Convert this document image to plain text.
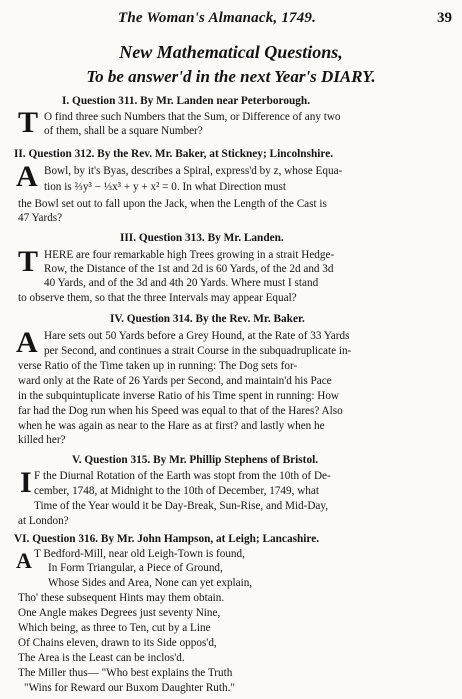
The Woman's Almanack, 1749.	39
New Mathematical Questions,
To be answer'd in the next Year's DIARY.
I. Question 311. By Mr. Landen near Peterborough.
T O find three such Numbers that the Sum, or Difference of any two
of them, shall be a square Number?
II. Question 312. By the Rev. Mr. Baker, at Stickney; Lincolnshire.
A Bowl, by it's Byas, describes a Spiral, express'd by z, whose Equa-
tion is ⅔y³ − ⅓x³ + y + x² = 0. In what Direction must
the Bowl set out to fall upon the Jack, when the Length of the Cast is
47 Yards?
III. Question 313. By Mr. Landen.
T HERE are four remarkable high Trees growing in a strait Hedge-
Row, the Distance of the 1st and 2d is 60 Yards, of the 2d and 3d
40 Yards, and of the 3d and 4th 20 Yards. Where must I stand
to observe them, so that the three Intervals may appear Equal?
IV. Question 314. By the Rev. Mr. Baker.
A Hare sets out 50 Yards before a Grey Hound, at the Rate of 33 Yards
per Second, and continues a strait Course in the subquadruplicate in-
verse Ratio of the Time taken up in running: The Dog sets for-
ward only at the Rate of 26 Yards per Second, and maintain'd his Pace
in the subquintuplicate inverse Ratio of his Time spent in running: How
far had the Dog run when his Speed was equal to that of the Hares? Also
when he was again as near to the Hare as at first? and lastly when he
killed her?
V. Question 315. By Mr. Phillip Stephens of Bristol.
I F the Diurnal Rotation of the Earth was stopt from the 10th of De-
cember, 1748, at Midnight to the 10th of December, 1749, what
Time of the Year would it be Day-Break, Sun-Rise, and Mid-Day,
at London?
VI. Question 316. By Mr. John Hampson, at Leigh; Lancashire.
A T Bedford-Mill, near old Leigh-Town is found,
In Form Triangular, a Piece of Ground,
Whose Sides and Area, None can yet explain,
Tho' these subsequent Hints may them obtain.
One Angle makes Degrees just seventy Nine,
Which being, as three to Ten, cut by a Line
Of Chains eleven, drawn to its Side oppos'd,
The Area is the Least can be inclos'd.
The Miller thus— "Who best explains the Truth
"Wins for Reward our Buxom Daughter Ruth."
